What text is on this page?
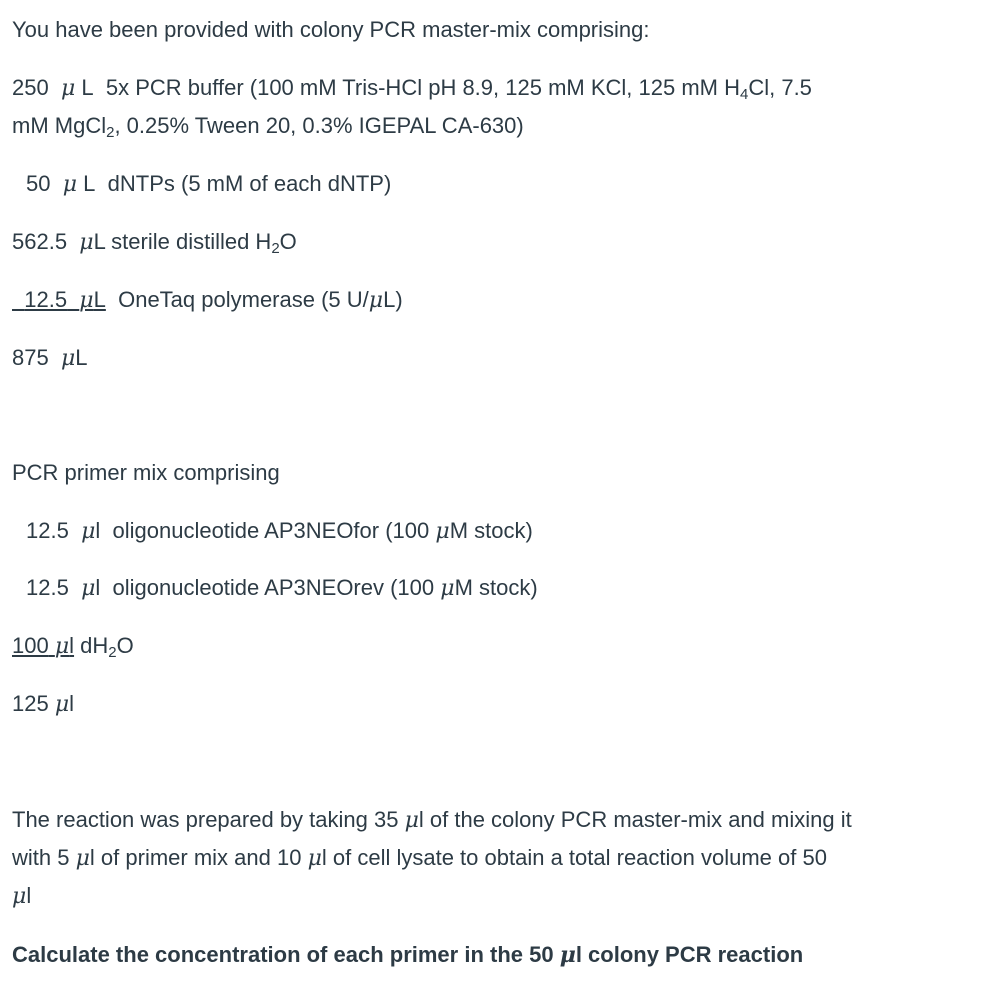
You have been provided with colony PCR master-mix comprising:
250 μ L 5x PCR buffer (100 mM Tris-HCl pH 8.9, 125 mM KCl, 125 mM $H_4Cl$, 7.5
mM MgCl$_2$, 0.25% Tween 20, 0.3% IGEPAL CA-630)
50 μ L dNTPs (5 mM of each dNTP)
562.5 μL sterile distilled $H_2O$
12.5 μL OneTaq polymerase (5 U/μL)
875 μL
PCR primer mix comprising
12.5 μl oligonucleotide AP3NEOfor (100 μM stock)
12.5 μl oligonucleotide AP3NEOrev (100 μM stock)
100 μl $dH_2O$
125 μl
The reaction was prepared by taking 35 μl of the colony PCR master-mix and mixing it
with 5 μl of primer mix and 10 μl of cell lysate to obtain a total reaction volume of 50
μl
Calculate the concentration of each primer in the 50 μl colony PCR reaction
